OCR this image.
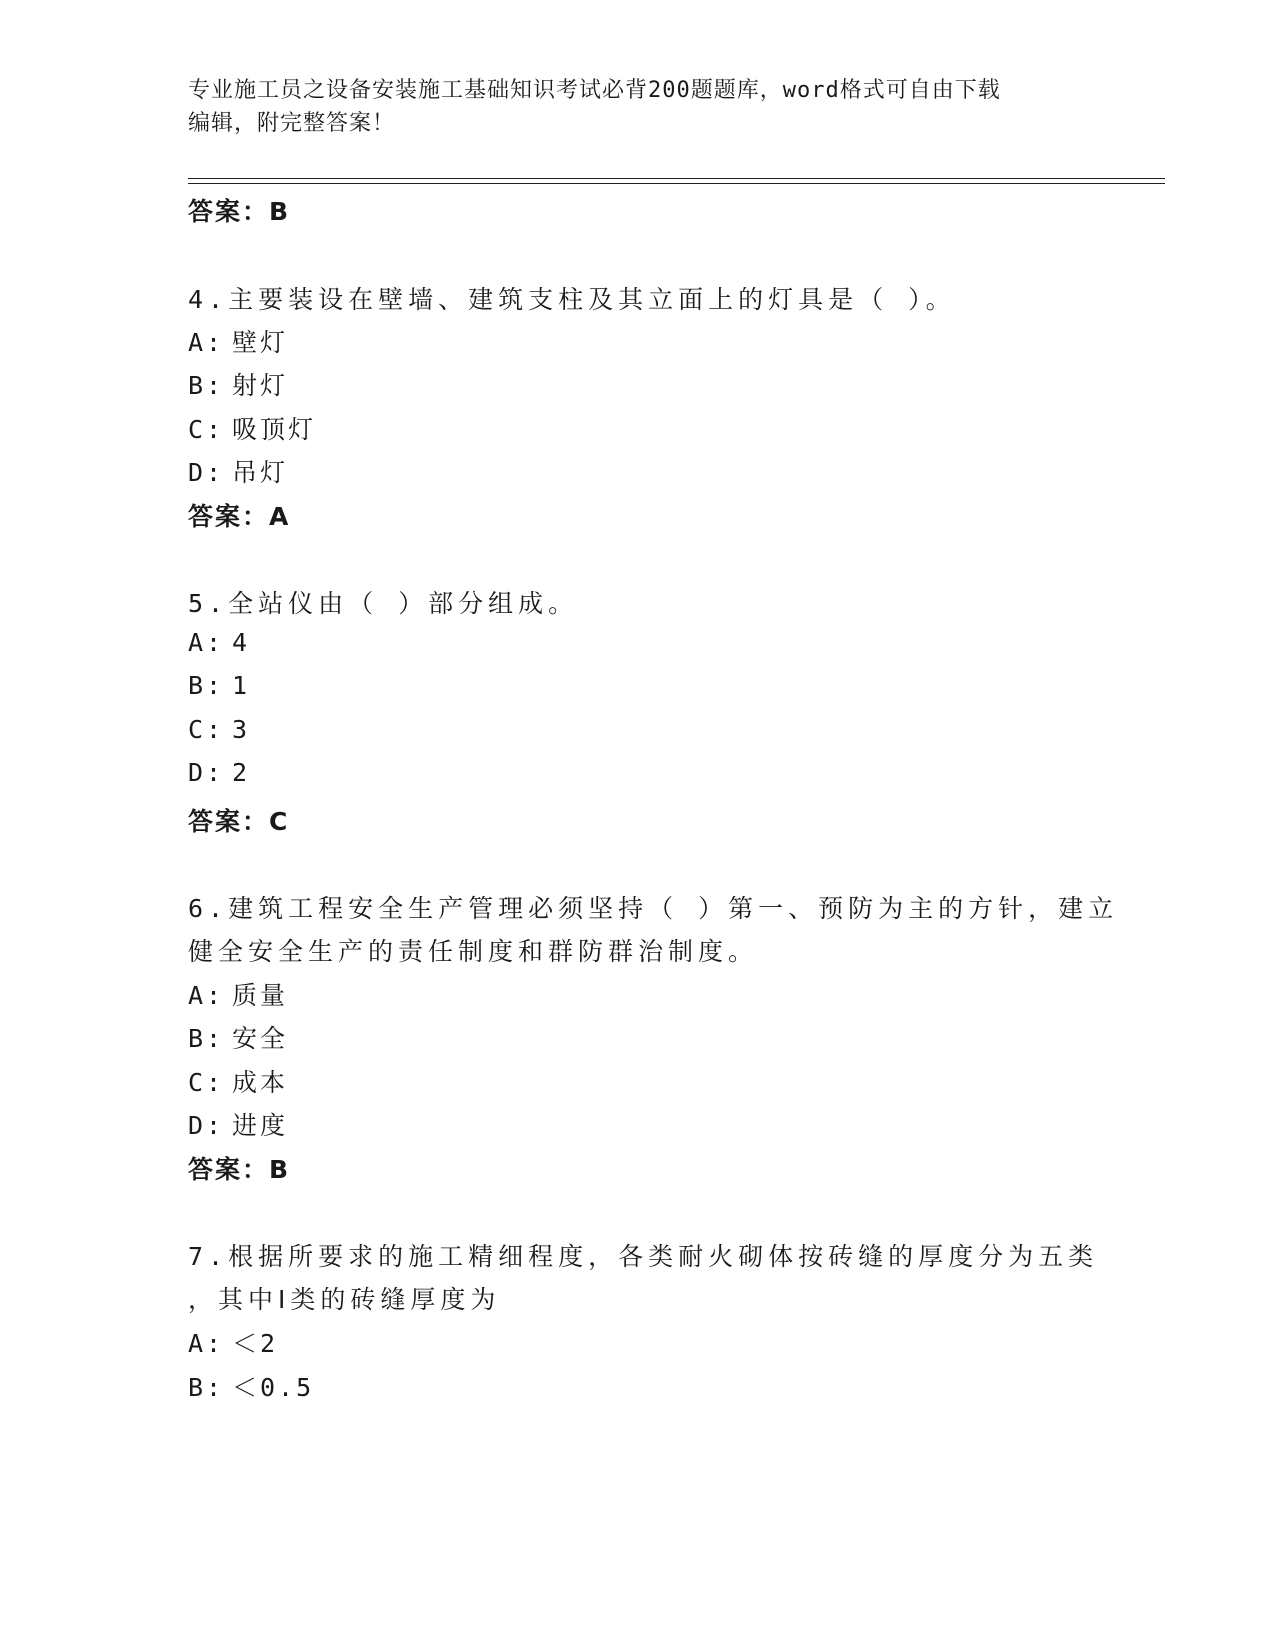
专业施工员之设备安装施工基础知识考试必背200题题库，word格式可自由下载
编辑，附完整答案！
答案：B
4.主要装设在壁墙、建筑支柱及其立面上的灯具是（ ）。
A: 壁灯
B: 射灯
C: 吸顶灯
D: 吊灯
答案：A
5.全站仪由（ ）部分组成。
A: 4
B: 1
C: 3
D: 2
答案：C
6.建筑工程安全生产管理必须坚持（ ）第一、预防为主的方针，建立
健全安全生产的责任制度和群防群治制度。
A: 质量
B: 安全
C: 成本
D: 进度
答案：B
7.根据所要求的施工精细程度，各类耐火砌体按砖缝的厚度分为五类
，其中Ⅰ类的砖缝厚度为
A: ＜2
B: ＜0.5
